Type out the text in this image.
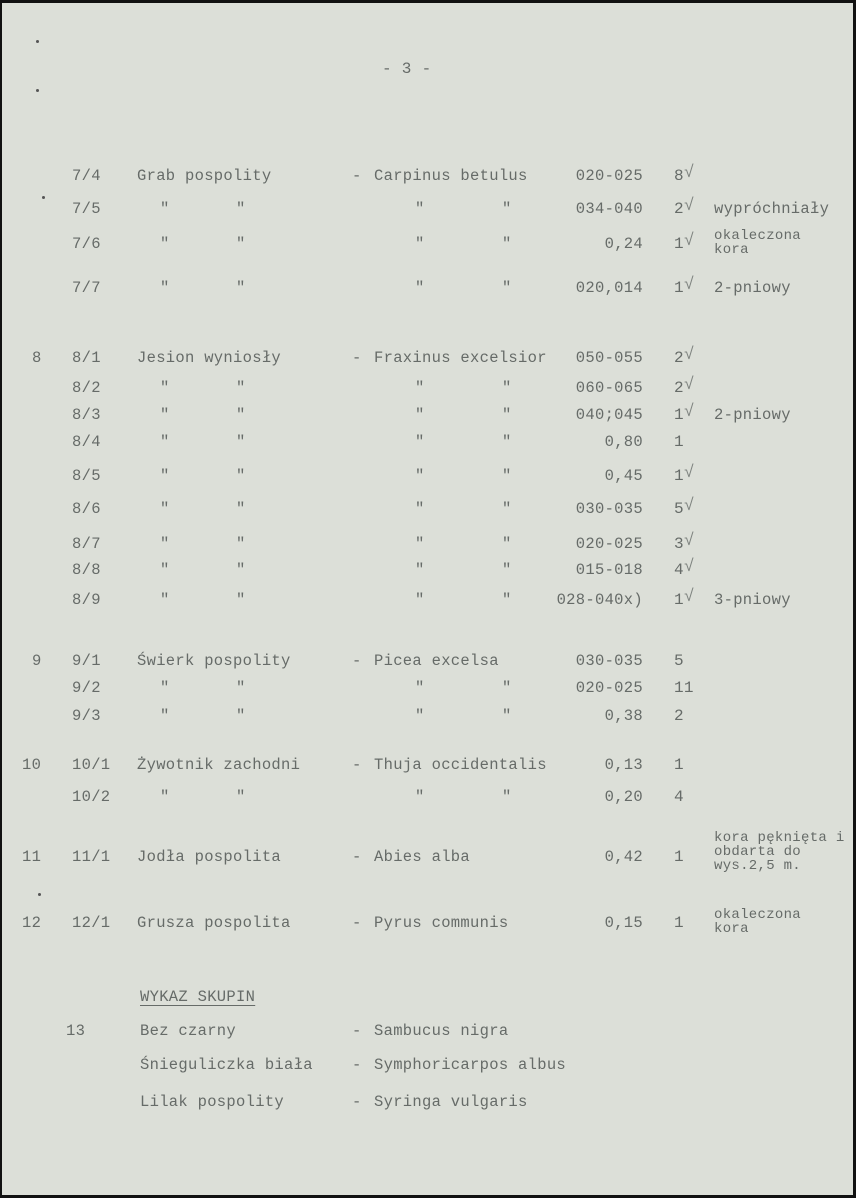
- 3 -
7/4 Grab pospolity	- Carpinus betulus	020-025 8 √
7/5	"	"	"	"	034-040 2 √ wypróchniały
7/6	"	"	"	"	0,24 1 √ okaleczona kora
7/7	"	"	"	"	020,014 1 √ 2-pniowy
8 8/1 Jesion wyniosły	- Fraxinus excelsior 050-055 2 √
8/2	"	"	"	"	060-065 2 √
8/3	"	"	"	"	040;045 1 √ 2-pniowy
8/4	"	"	"	"	0,80 1
8/5	"	"	"	"	0,45 1 √
8/6	"	"	"	"	030-035 5 √
8/7	"	"	"	"	020-025 3 √
8/8	"	"	"	"	015-018 4 √
8/9	"	"	"	"	028-040x) 1 √ 3-pniowy
9 9/1 Świerk pospolity	- Picea excelsa	030-035 5
9/2	"	"	"	"	020-025 11
9/3	"	"	"	"	0,38 2
10 10/1 Żywotnik zachodni	- Thuja occidentalis	0,13 1
10/2	"	"	"	"	0,20 4
11 11/1 Jodła pospolita	- Abies alba	0,42 1
kora pęknięta i obdarta do wys.2,5 m.
12 12/1 Grusza pospolita	- Pyrus communis	0,15 1 okaleczona kora
WYKAZ SKUPIN
13	Bez czarny	- Sambucus nigra
Śnieguliczka biała	- Symphoricarpos albus
Lilak pospolity	- Syringa vulgaris
